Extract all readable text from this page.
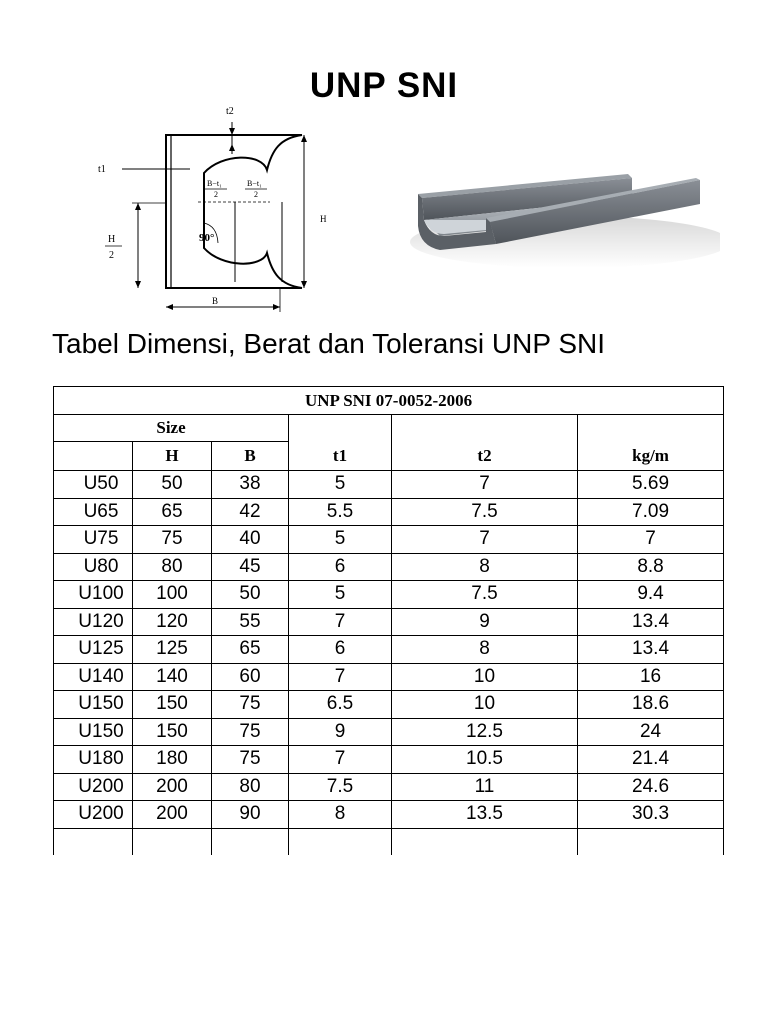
UNP SNI
t2
t1
B−t₁
2
B−t₁
2
90°
H
2
H
B
Tabel Dimensi, Berat dan Toleransi UNP SNI
UNP SNI 07-0052-2006					
Size			t1	t2	kg/m
	H	B			
U50	50	38	5	7	5.69
U65	65	42	5.5	7.5	7.09
U75	75	40	5	7	7
U80	80	45	6	8	8.8
U100	100	50	5	7.5	9.4
U120	120	55	7	9	13.4
U125	125	65	6	8	13.4
U140	140	60	7	10	16
U150	150	75	6.5	10	18.6
U150	150	75	9	12.5	24
U180	180	75	7	10.5	21.4
U200	200	80	7.5	11	24.6
U200	200	90	8	13.5	30.3
